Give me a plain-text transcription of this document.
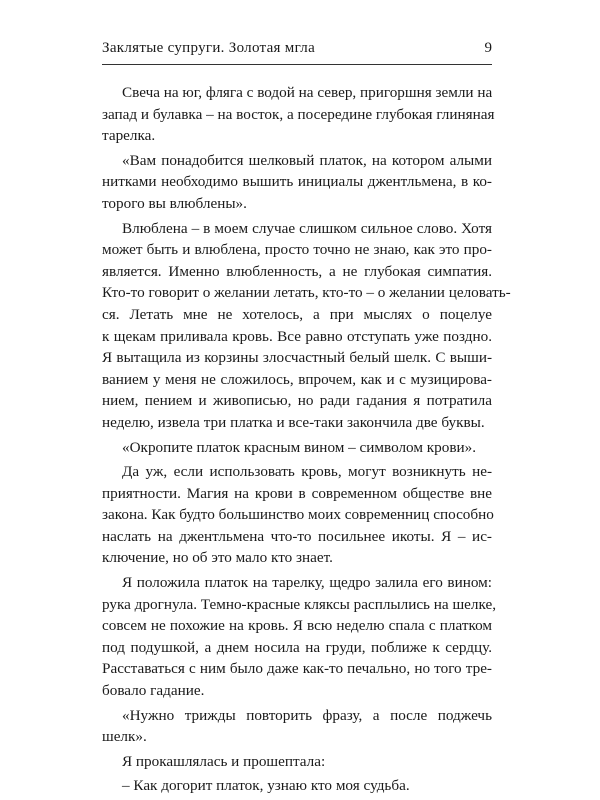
Заклятые супруги. Золотая мгла	9
Свеча на юг, фляга с водой на север, пригоршня земли на
запад и булавка – на восток, а посередине глубокая глиняная
тарелка.
«Вам понадобится шелковый платок, на котором алыми
нитками необходимо вышить инициалы джентльмена, в ко-
торого вы влюблены».
Влюблена – в моем случае слишком сильное слово. Хотя
может быть и влюблена, просто точно не знаю, как это про-
является. Именно влюбленность, а не глубокая симпатия.
Кто-то говорит о желании летать, кто-то – о желании целовать-
ся. Летать мне не хотелось, а при мыслях о поцелуе
к щекам приливала кровь. Все равно отступать уже поздно.
Я вытащила из корзины злосчастный белый шелк. С выши-
ванием у меня не сложилось, впрочем, как и с музицирова-
нием, пением и живописью, но ради гадания я потратила
неделю, извела три платка и все-таки закончила две буквы.
«Окропите платок красным вином – символом крови».
Да уж, если использовать кровь, могут возникнуть не-
приятности. Магия на крови в современном обществе вне
закона. Как будто большинство моих современниц способно
наслать на джентльмена что-то посильнее икоты. Я – ис-
ключение, но об это мало кто знает.
Я положила платок на тарелку, щедро залила его вином:
рука дрогнула. Темно-красные кляксы расплылись на шелке,
совсем не похожие на кровь. Я всю неделю спала с платком
под подушкой, а днем носила на груди, поближе к сердцу.
Расставаться с ним было даже как-то печально, но того тре-
бовало гадание.
«Нужно трижды повторить фразу, а после поджечь
шелк».
Я прокашлялась и прошептала:
– Как догорит платок, узнаю кто моя судьба.
